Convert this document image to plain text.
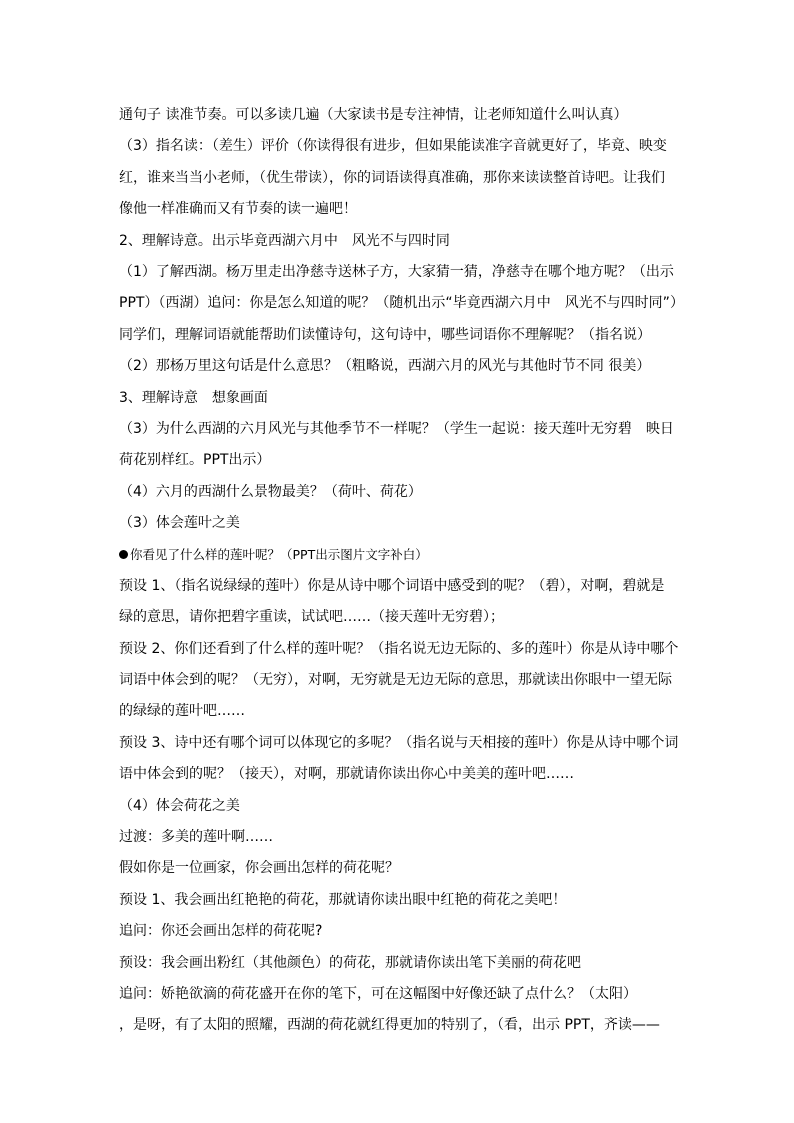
通句子 读准节奏。可以多读几遍（大家读书是专注神情，让老师知道什么叫认真）
（3）指名读：（差生）评价（你读得很有进步，但如果能读准字音就更好了，毕竟、映变
红，谁来当当小老师，（优生带读），你的词语读得真准确，那你来读读整首诗吧。让我们
像他一样准确而又有节奏的读一遍吧！
2、理解诗意。出示毕竟西湖六月中　风光不与四时同
（1）了解西湖。杨万里走出净慈寺送林子方，大家猜一猜，净慈寺在哪个地方呢？（出示
PPT）（西湖）追问：你是怎么知道的呢？（随机出示“毕竟西湖六月中　风光不与四时同”）
同学们，理解词语就能帮助们读懂诗句，这句诗中，哪些词语你不理解呢？（指名说）
（2）那杨万里这句话是什么意思？（粗略说，西湖六月的风光与其他时节不同 很美）
3、理解诗意　想象画面
（3）为什么西湖的六月风光与其他季节不一样呢？（学生一起说：接天莲叶无穷碧　映日
荷花别样红。PPT出示）
（4）六月的西湖什么景物最美？（荷叶、荷花）
（3）体会莲叶之美
你看见了什么样的莲叶呢？（PPT出示图片文字补白）
预设 1、（指名说绿绿的莲叶）你是从诗中哪个词语中感受到的呢？（碧），对啊，碧就是
绿的意思，请你把碧字重读，试试吧……（接天莲叶无穷碧）；
预设 2、你们还看到了什么样的莲叶呢？（指名说无边无际的、多的莲叶）你是从诗中哪个
词语中体会到的呢？（无穷），对啊，无穷就是无边无际的意思，那就读出你眼中一望无际
的绿绿的莲叶吧……
预设 3、诗中还有哪个词可以体现它的多呢？（指名说与天相接的莲叶）你是从诗中哪个词
语中体会到的呢？（接天），对啊，那就请你读出你心中美美的莲叶吧……
（4）体会荷花之美
过渡：多美的莲叶啊……
假如你是一位画家，你会画出怎样的荷花呢？
预设 1、我会画出红艳艳的荷花，那就请你读出眼中红艳的荷花之美吧！
追问：你还会画出怎样的荷花呢?
预设：我会画出粉红（其他颜色）的荷花，那就请你读出笔下美丽的荷花吧
追问：娇艳欲滴的荷花盛开在你的笔下，可在这幅图中好像还缺了点什么？（太阳）
，是呀，有了太阳的照耀，西湖的荷花就红得更加的特别了，（看，出示 PPT，齐读——
